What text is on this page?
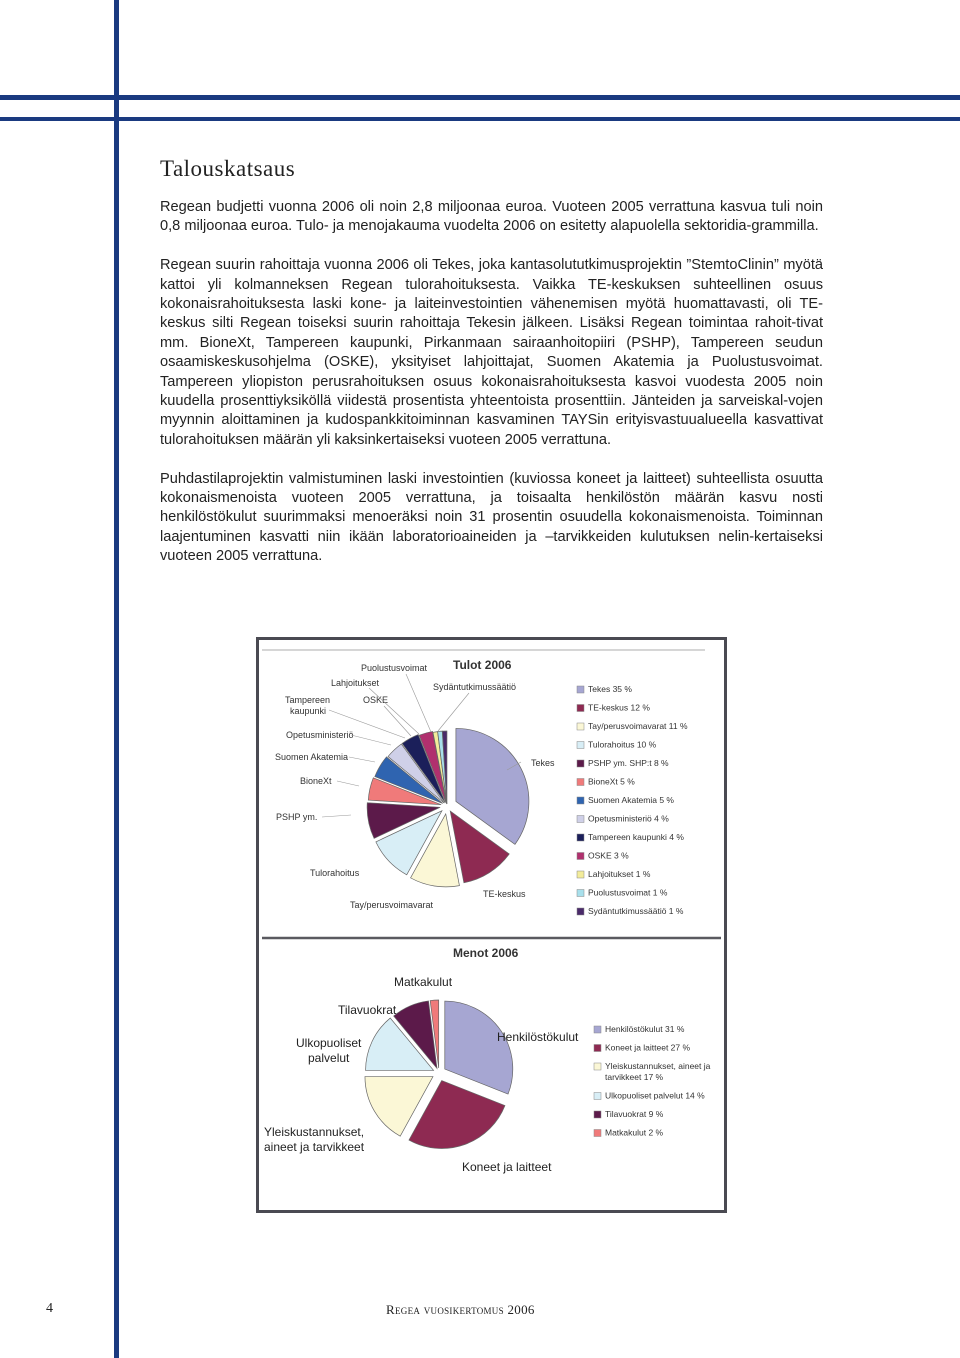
Talouskatsaus

Regean budjetti vuonna 2006 oli noin 2,8 miljoonaa euroa. Vuoteen 2005 verrattuna kasvua tuli noin 0,8 miljoonaa euroa. Tulo- ja menojakauma vuodelta 2006 on esitetty alapuolella sektoridia-grammilla.

Regean suurin rahoittaja vuonna 2006 oli Tekes, joka kantasolututkimusprojektin ”StemtoClinin” myötä kattoi yli kolmanneksen Regean tulorahoituksesta. Vaikka TE-keskuksen suhteellinen osuus kokonaisrahoituksesta laski kone- ja laiteinvestointien vähenemisen myötä huomattavasti, oli TE-keskus silti Regean toiseksi suurin rahoittaja Tekesin jälkeen. Lisäksi Regean toimintaa rahoit-tivat mm. BioneXt, Tampereen kaupunki, Pirkanmaan sairaanhoitopiiri (PSHP), Tampereen seudun osaamiskeskusohjelma (OSKE), yksityiset lahjoittajat, Suomen Akatemia ja Puolustusvoimat. Tampereen yliopiston perusrahoituksen osuus kokonaisrahoituksesta kasvoi vuodesta 2005 noin kuudella prosenttiyksiköllä viidestä prosentista yhteentoista prosenttiin. Jänteiden ja sarveiskal-vojen myynnin aloittaminen ja kudospankkitoiminnan kasvaminen TAYSin erityisvastuualueella kasvattivat tulorahoituksen määrän yli kaksinkertaiseksi vuoteen 2005 verrattuna.

Puhdastilaprojektin valmistuminen laski investointien (kuviossa koneet ja laitteet) suhteellista osuutta kokonaismenoista vuoteen 2005 verrattuna, ja toisaalta henkilöstön määrän kasvu nosti henkilöstökulut suurimmaksi menoeräksi noin 31 prosentin osuudella kokonaismenoista. Toiminnan laajentuminen kasvatti niin ikään laboratorioaineiden ja –tarvikkeiden kulutuksen nelin-kertaiseksi vuoteen 2005 verrattuna.

Tulot 2006
Tekes 35 %
TE-keskus 12 %
Tay/perusvoimavarat 11 %
Tulorahoitus 10 %
PSHP ym. SHP:t 8 %
BioneXt 5 %
Suomen Akatemia 5 %
Opetusministeriö 4 %
Tampereen kaupunki 4 %
OSKE 3 %
Lahjoitukset 1 %
Puolustusvoimat 1 %
Sydäntutkimussäätiö 1 %
Puolustusvoimat
Lahjoitukset	Sydäntutkimussäätiö
Tampereen
kaupunki
OSKE
Opetusministeriö
Suomen Akatemia
BioneXt
PSHP ym.
Tulorahoitus
Tay/perusvoimavarat
TE-keskus
Tekes
Menot 2006
Henkilöstökulut 31 %
Koneet ja laitteet 27 %
Yleiskustannukset, aineet ja
tarvikkeet 17 %
Ulkopuoliset palvelut 14 %
Tilavuokrat 9 %
Matkakulut 2 %
Matkakulut
Tilavuokrat
Ulkopuoliset
palvelut
Henkilöstökulut
Yleiskustannukset,
aineet ja tarvikkeet
Koneet ja laitteet
4	Regea vuosikertomus 2006
